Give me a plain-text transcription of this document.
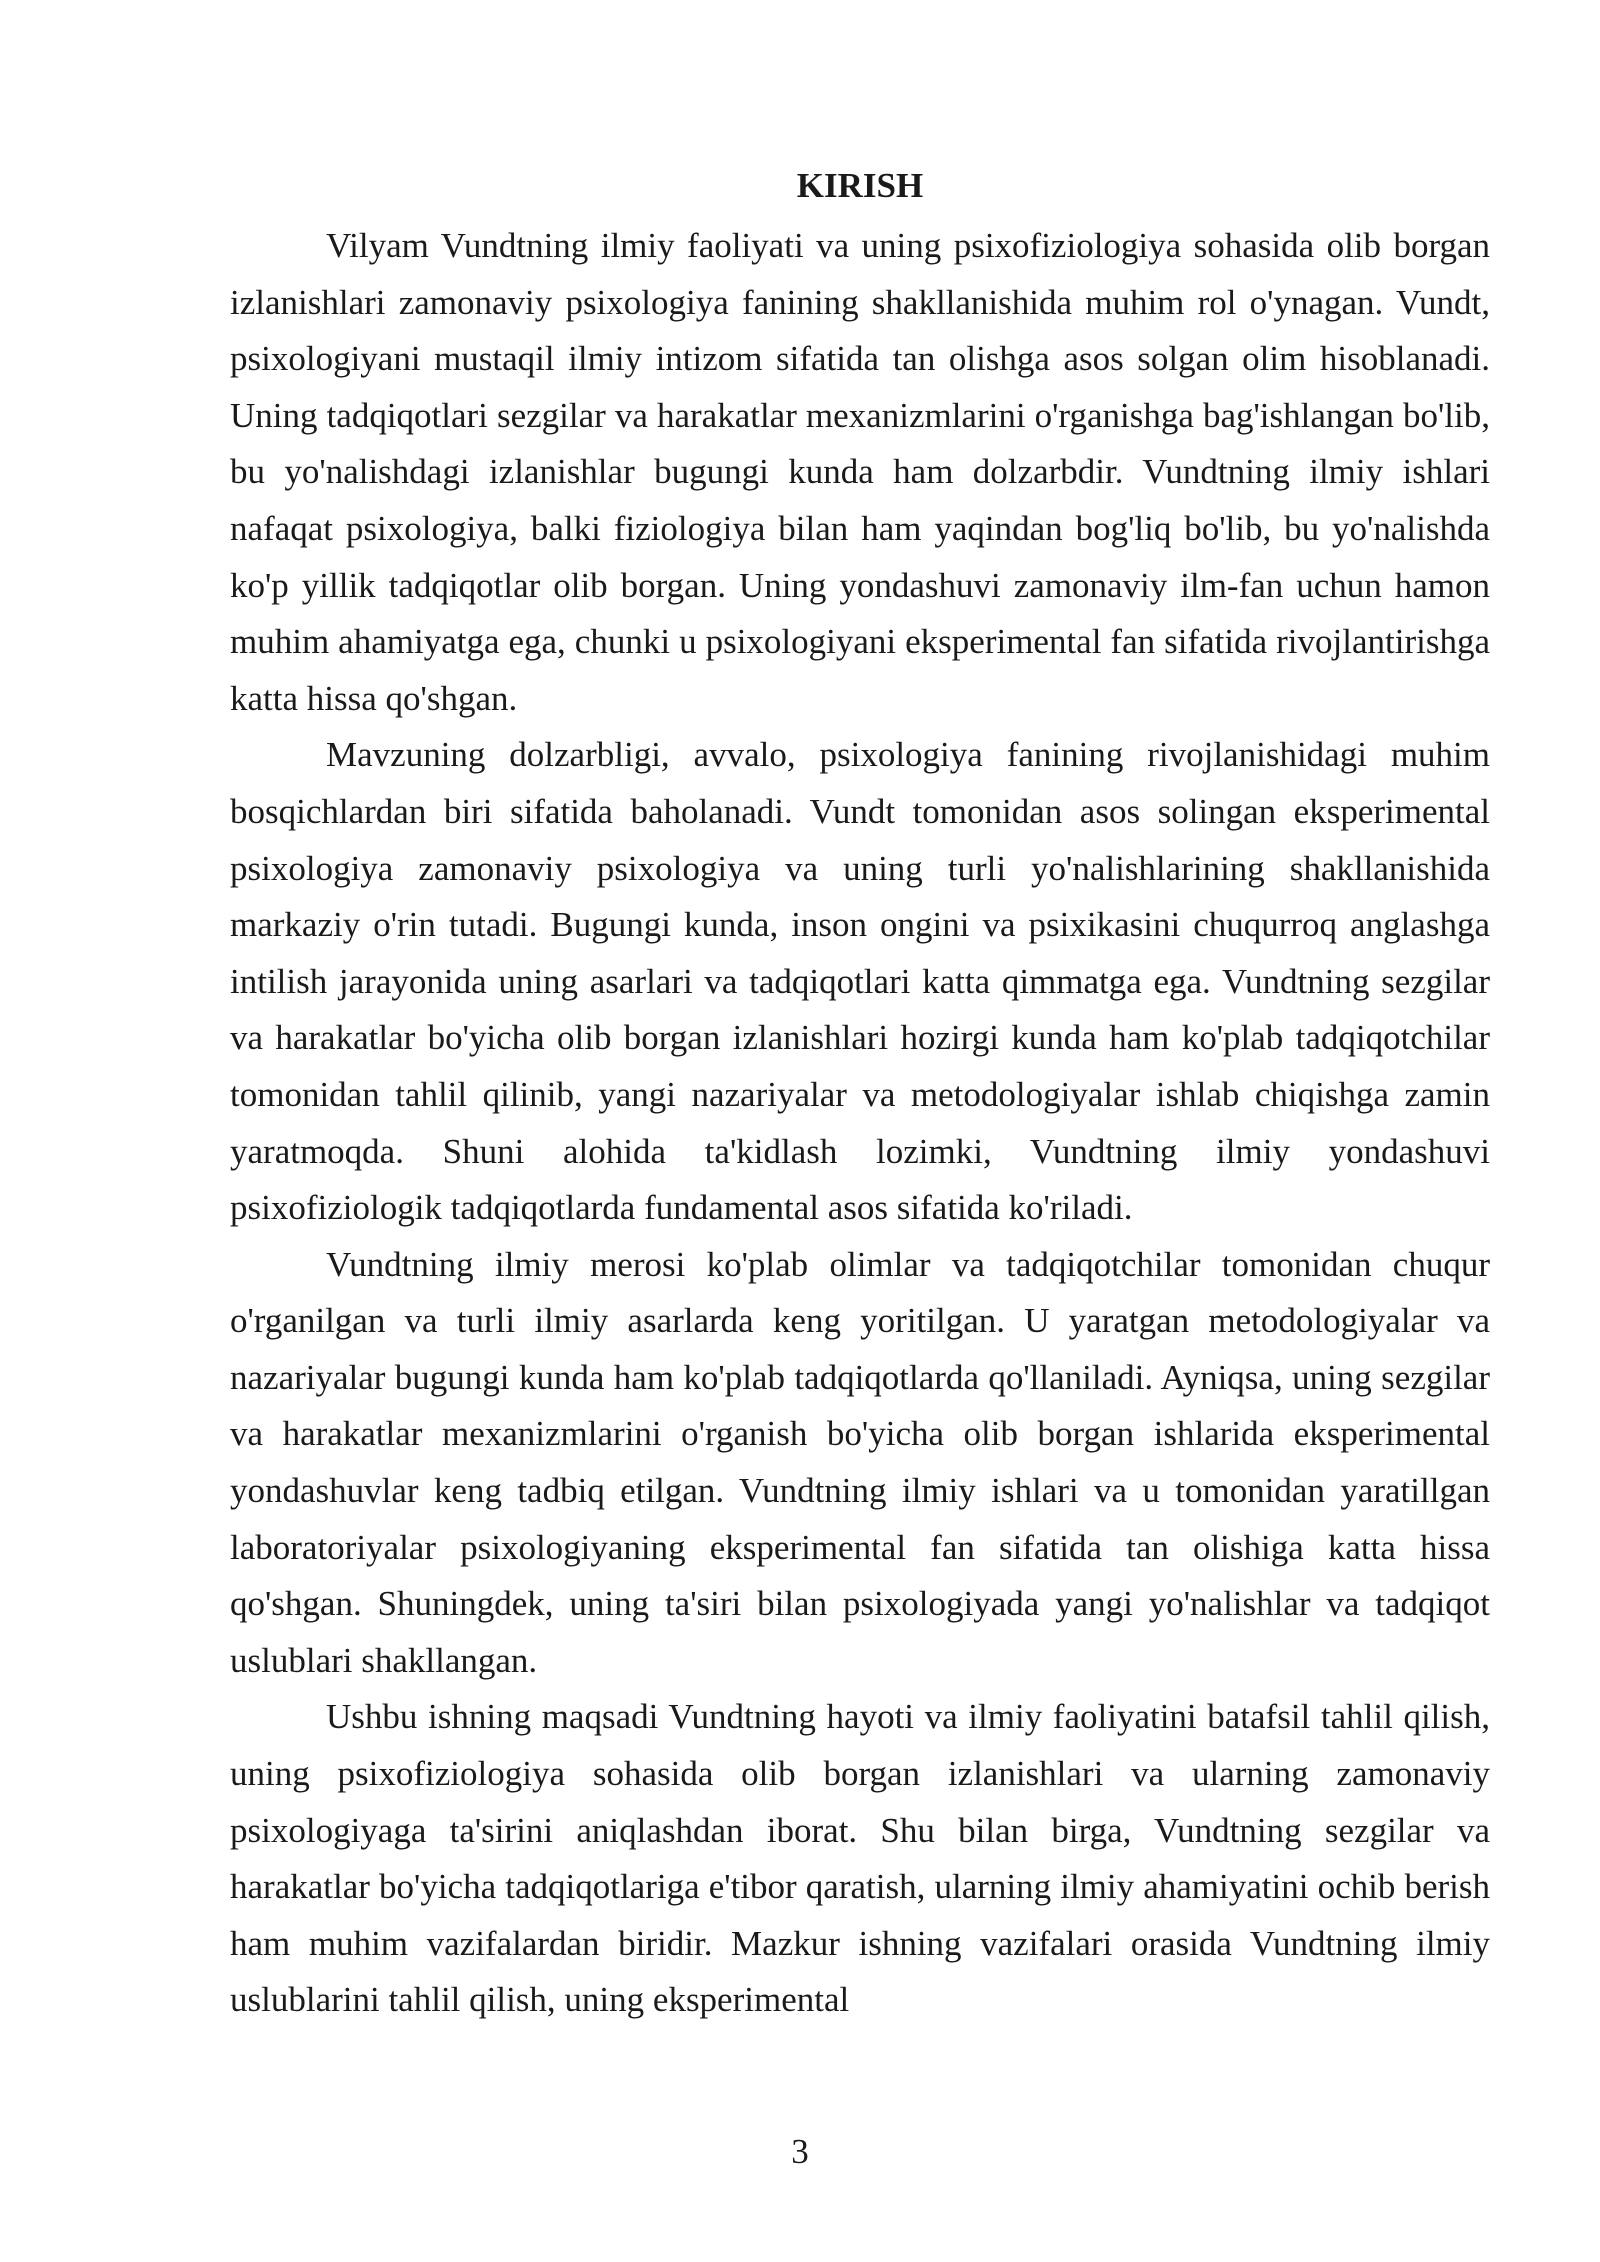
KIRISH

Vilyam Vundtning ilmiy faoliyati va uning psixofiziologiya sohasida olib borgan izlanishlari zamonaviy psixologiya fanining shakllanishida muhim rol o'ynagan. Vundt, psixologiyani mustaqil ilmiy intizom sifatida tan olishga asos solgan olim hisoblanadi. Uning tadqiqotlari sezgilar va harakatlar mexanizmlarini o'rganishga bag'ishlangan bo'lib, bu yo'nalishdagi izlanishlar bugungi kunda ham dolzarbdir. Vundtning ilmiy ishlari nafaqat psixologiya, balki fiziologiya bilan ham yaqindan bog'liq bo'lib, bu yo'nalishda ko'p yillik tadqiqotlar olib borgan. Uning yondashuvi zamonaviy ilm-fan uchun hamon muhim ahamiyatga ega, chunki u psixologiyani eksperimental fan sifatida rivojlantirishga katta hissa qo'shgan.

Mavzuning dolzarbligi, avvalo, psixologiya fanining rivojlanishidagi muhim bosqichlardan biri sifatida baholanadi. Vundt tomonidan asos solingan eksperimental psixologiya zamonaviy psixologiya va uning turli yo'nalishlarining shakllanishida markaziy o'rin tutadi. Bugungi kunda, inson ongini va psixikasini chuqurroq anglashga intilish jarayonida uning asarlari va tadqiqotlari katta qimmatga ega. Vundtning sezgilar va harakatlar bo'yicha olib borgan izlanishlari hozirgi kunda ham ko'plab tadqiqotchilar tomonidan tahlil qilinib, yangi nazariyalar va metodologiyalar ishlab chiqishga zamin yaratmoqda. Shuni alohida ta'kidlash lozimki, Vundtning ilmiy yondashuvi psixofiziologik tadqiqotlarda fundamental asos sifatida ko'riladi.

Vundtning ilmiy merosi ko'plab olimlar va tadqiqotchilar tomonidan chuqur o'rganilgan va turli ilmiy asarlarda keng yoritilgan. U yaratgan metodologiyalar va nazariyalar bugungi kunda ham ko'plab tadqiqotlarda qo'llaniladi. Ayniqsa, uning sezgilar va harakatlar mexanizmlarini o'rganish bo'yicha olib borgan ishlarida eksperimental yondashuvlar keng tadbiq etilgan. Vundtning ilmiy ishlari va u tomonidan yaratillgan laboratoriyalar psixologiyaning eksperimental fan sifatida tan olishiga katta hissa qo'shgan. Shuningdek, uning ta'siri bilan psixologiyada yangi yo'nalishlar va tadqiqot uslublari shakllangan.

Ushbu ishning maqsadi Vundtning hayoti va ilmiy faoliyatini batafsil tahlil qilish, uning psixofiziologiya sohasida olib borgan izlanishlari va ularning zamonaviy psixologiyaga ta'sirini aniqlashdan iborat. Shu bilan birga, Vundtning sezgilar va harakatlar bo'yicha tadqiqotlariga e'tibor qaratish, ularning ilmiy ahamiyatini ochib berish ham muhim vazifalardan biridir. Mazkur ishning vazifalari orasida Vundtning ilmiy uslublarini tahlil qilish, uning eksperimental

3
